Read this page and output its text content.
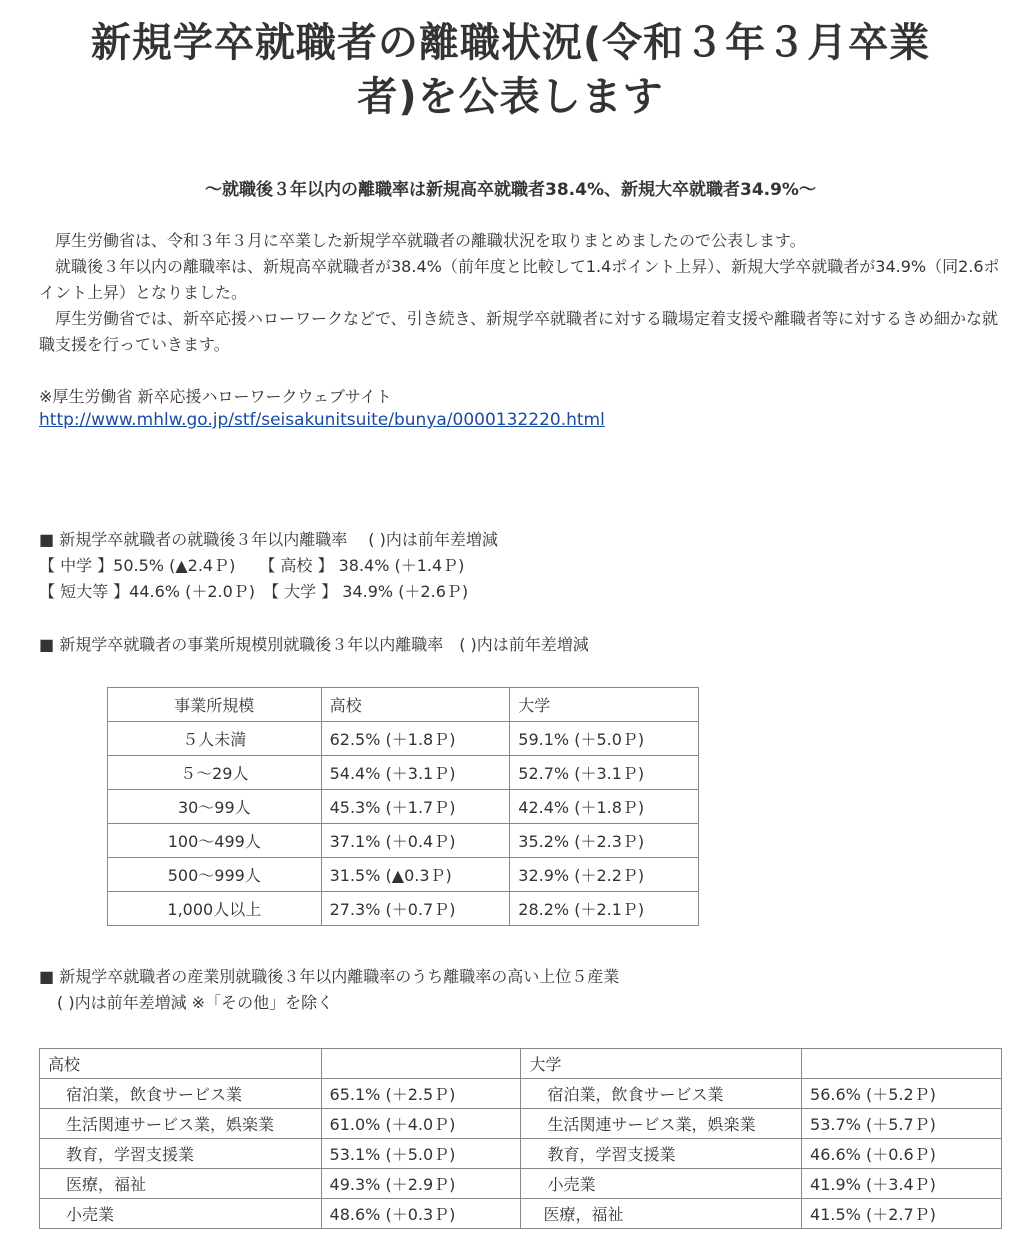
新規学卒就職者の離職状況(令和３年３月卒業
者)を公表します
～就職後３年以内の離職率は新規高卒就職者38.4%、新規大卒就職者34.9%～
　厚生労働省は、令和３年３月に卒業した新規学卒就職者の離職状況を取りまとめましたので公表します。
　就職後３年以内の離職率は、新規高卒就職者が38.4%（前年度と比較して1.4ポイント上昇）、新規大学卒就職者が34.9%（同2.6ポイント上昇）となりました。
　厚生労働省では、新卒応援ハローワークなどで、引き続き、新規学卒就職者に対する職場定着支援や離職者等に対するきめ細かな就職支援を行っていきます。
※厚生労働省 新卒応援ハローワークウェブサイト
http://www.mhlw.go.jp/stf/seisakunitsuite/bunya/0000132220.html
■ 新規学卒就職者の就職後３年以内離職率　 ( )内は前年差増減
【 中学 】50.5% (▲2.4Ｐ)　　【 高校 】 38.4% (＋1.4Ｐ)
【 短大等 】44.6% (＋2.0Ｐ)　【 大学 】 34.9% (＋2.6Ｐ)
■ 新規学卒就職者の事業所規模別就職後３年以内離職率　( )内は前年差増減
事業所規模	高校	大学
５人未満	62.5% (＋1.8Ｐ)	59.1% (＋5.0Ｐ)
５～29人	54.4% (＋3.1Ｐ)	52.7% (＋3.1Ｐ)
30～99人	45.3% (＋1.7Ｐ)	42.4% (＋1.8Ｐ)
100～499人	37.1% (＋0.4Ｐ)	35.2% (＋2.3Ｐ)
500～999人	31.5% (▲0.3Ｐ)	32.9% (＋2.2Ｐ)
1,000人以上	27.3% (＋0.7Ｐ)	28.2% (＋2.1Ｐ)
■ 新規学卒就職者の産業別就職後３年以内離職率のうち離職率の高い上位５産業
( )内は前年差増減 ※「その他」を除く
高校		大学	
宿泊業，飲食サービス業	65.1% (＋2.5Ｐ)	宿泊業，飲食サービス業	56.6% (＋5.2Ｐ)
生活関連サービス業，娯楽業	61.0% (＋4.0Ｐ)	生活関連サービス業，娯楽業	53.7% (＋5.7Ｐ)
教育，学習支援業	53.1% (＋5.0Ｐ)	教育，学習支援業	46.6% (＋0.6Ｐ)
医療，福祉	49.3% (＋2.9Ｐ)	小売業	41.9% (＋3.4Ｐ)
小売業	48.6% (＋0.3Ｐ)	医療，福祉	41.5% (＋2.7Ｐ)
